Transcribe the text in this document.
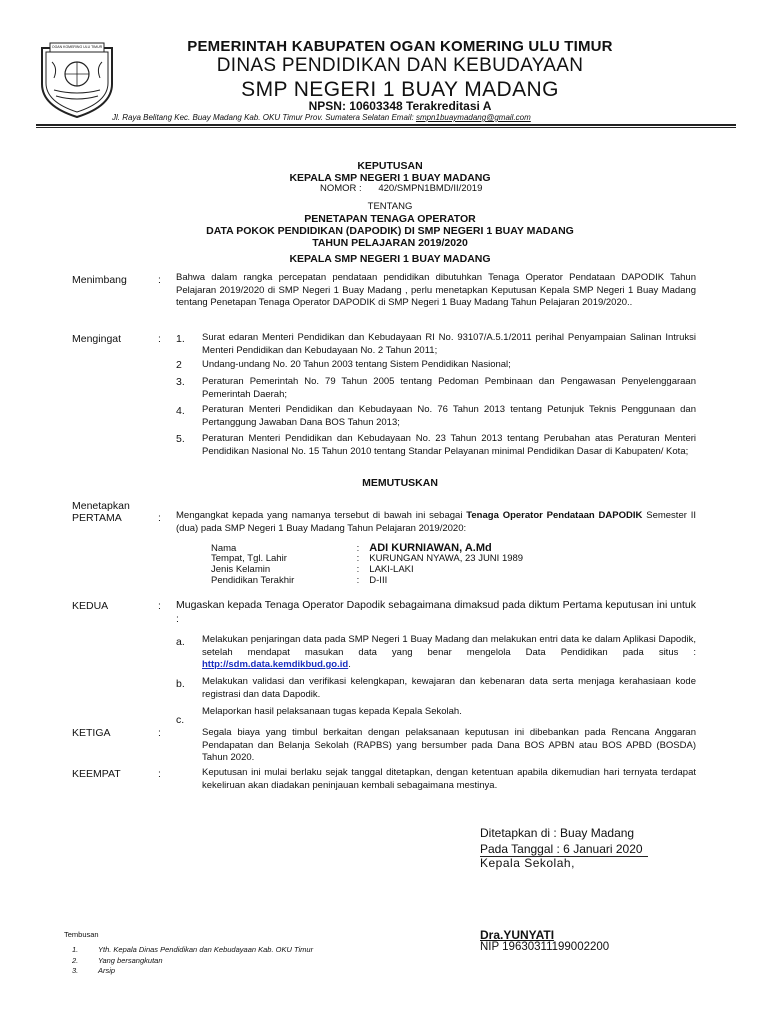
OGAN KOMERING ULU TIMUR	PEMERINTAH KABUPATEN OGAN KOMERING ULU TIMUR
DINAS PENDIDIKAN DAN KEBUDAYAAN
SMP NEGERI 1 BUAY MADANG
NPSN: 10603348 Terakreditasi A
Jl. Raya Belitang Kec. Buay Madang Kab. OKU Timur Prov. Sumatera Selatan Email: smpn1buaymadang@gmail.com
KEPUTUSAN
KEPALA SMP NEGERI 1 BUAY MADANG
NOMOR : 420/SMPN1BMD/II/2019
TENTANG
PENETAPAN TENAGA OPERATOR
DATA POKOK PENDIDIKAN (DAPODIK) DI SMP NEGERI 1 BUAY MADANG
TAHUN PELAJARAN 2019/2020
KEPALA SMP NEGERI 1 BUAY MADANG
Menimbang	: Bahwa dalam rangka percepatan pendataan pendidikan dibutuhkan Tenaga Operator Pendataan DAPODIK Tahun Pelajaran 2019/2020 di SMP Negeri 1 Buay Madang , perlu menetapkan Keputusan Kepala SMP Negeri 1 Buay Madang tentang Penetapan Tenaga Operator DAPODIK di SMP Negeri 1 Buay Madang Tahun Pelajaran 2019/2020..
Mengingat	: 1. Surat edaran Menteri Pendidikan dan Kebudayaan RI No. 93107/A.5.1/2011 perihal Penyampaian Salinan Intruksi Menteri Pendidikan dan Kebudayaan No. 2 Tahun 2011;
2 Undang-undang No. 20 Tahun 2003 tentang Sistem Pendidikan Nasional;
3. Peraturan Pemerintah No. 79 Tahun 2005 tentang Pedoman Pembinaan dan Pengawasan Penyelenggaraan Pemerintah Daerah;
4. Peraturan Menteri Pendidikan dan Kebudayaan No. 76 Tahun 2013 tentang Petunjuk Teknis Penggunaan dan Pertanggung Jawaban Dana BOS Tahun 2013;
5. Peraturan Menteri Pendidikan dan Kebudayaan No. 23 Tahun 2013 tentang Perubahan atas Peraturan Menteri Pendidikan Nasional No. 15 Tahun 2010 tentang Standar Pelayanan minimal Pendidikan Dasar di Kabupaten/ Kota;
MEMUTUSKAN
Menetapkan
PERTAMA	: Mengangkat kepada yang namanya tersebut di bawah ini sebagai Tenaga Operator Pendataan DAPODIK Semester II (dua) pada SMP Negeri 1 Buay Madang Tahun Pelajaran 2019/2020:
Nama	: ADI KURNIAWAN, A.Md
Tempat, Tgl. Lahir	: KURUNGAN NYAWA, 23 JUNI 1989
Jenis Kelamin	: LAKI-LAKI
Pendidikan Terakhir	: D-III
KEDUA	: Mugaskan kepada Tenaga Operator Dapodik sebagaimana dimaksud pada diktum Pertama keputusan ini untuk :
a. Melakukan penjaringan data pada SMP Negeri 1 Buay Madang dan melakukan entri data ke dalam Aplikasi Dapodik, setelah mendapat masukan data yang benar mengelola Data Pendidikan pada situs : http://sdm.data.kemdikbud.go.id.
b. Melakukan validasi dan verifikasi kelengkapan, kewajaran dan kebenaran data serta menjaga kerahasiaan kode registrasi dan data Dapodik.
c.
Melaporkan hasil pelaksanaan tugas kepada Kepala Sekolah.
KETIGA	:	Segala biaya yang timbul berkaitan dengan pelaksanaan keputusan ini dibebankan pada Rencana Anggaran Pendapatan dan Belanja Sekolah (RAPBS) yang bersumber pada Dana BOS APBN atau BOS APBD (BOSDA) Tahun 2020.
KEEMPAT	:	Keputusan ini mulai berlaku sejak tanggal ditetapkan, dengan ketentuan apabila dikemudian hari ternyata terdapat kekeliruan akan diadakan peninjauan kembali sebagaimana mestinya.
Ditetapkan di : Buay Madang
Pada Tanggal : 6 Januari 2020
Kepala Sekolah,
Dra.YUNYATI
NIP 19630311199002200
Tembusan
1.	Yth. Kepala Dinas Pendidikan dan Kebudayaan Kab. OKU Timur
2.	Yang bersangkutan
3.	Arsip
